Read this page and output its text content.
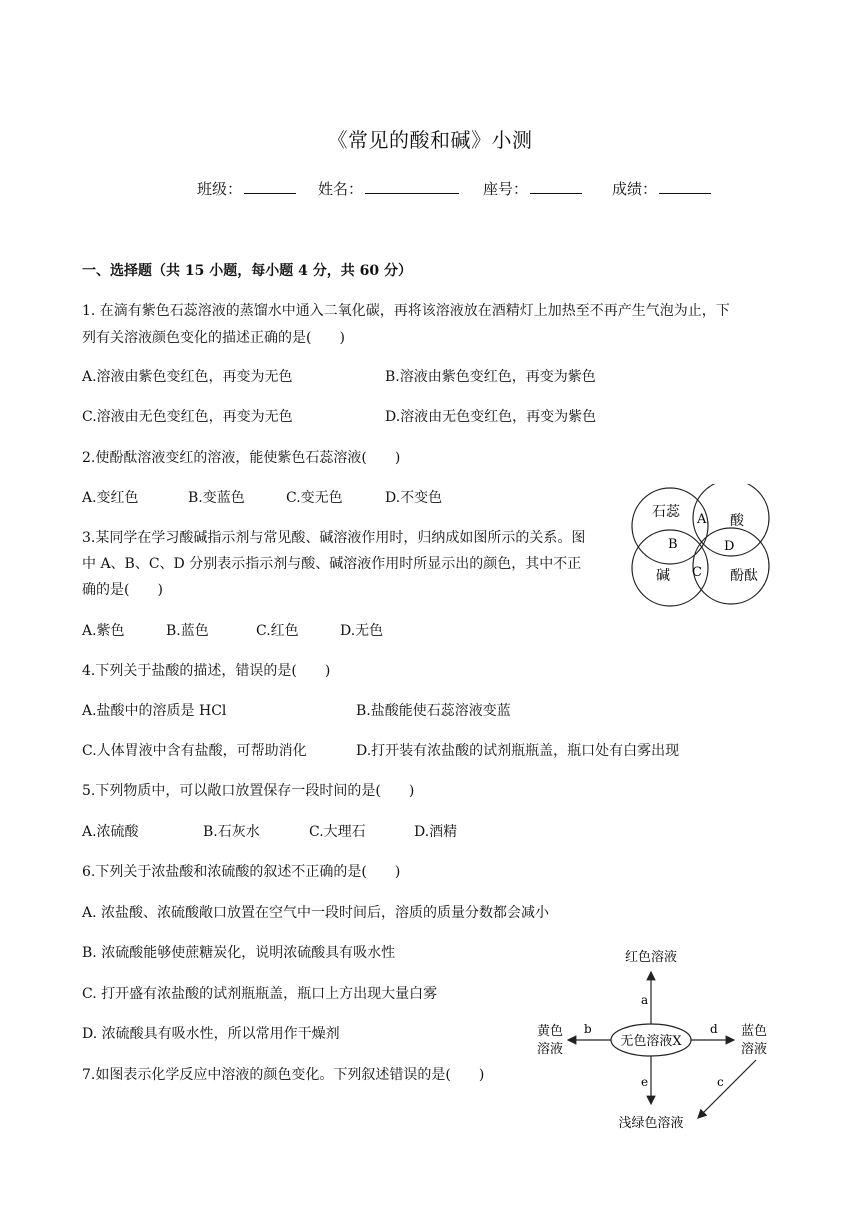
《常见的酸和碱》小测
班级：	姓名：	座号：	成绩：
一、选择题（共 15 小题，每小题 4 分，共 60 分）
1. 在滴有紫色石蕊溶液的蒸馏水中通入二氧化碳，再将该溶液放在酒精灯上加热至不再产生气泡为止，下
列有关溶液颜色变化的描述正确的是(　　)
A.溶液由紫色变红色，再变为无色	B.溶液由紫色变红色，再变为紫色
C.溶液由无色变红色，再变为无色	D.溶液由无色变红色，再变为紫色
2.使酚酞溶液变红的溶液，能使紫色石蕊溶液(　　)
A.变红色	B.变蓝色	C.变无色	D.不变色
3.某同学在学习酸碱指示剂与常见酸、碱溶液作用时，归纳成如图所示的关系。图
中 A、B、C、D 分别表示指示剂与酸、碱溶液作用时所显示出的颜色，其中不正
确的是(　　)
A.紫色	B.蓝色	C.红色	D.无色
石蕊
酸
碱	酚酞
A
B	D
C
4.下列关于盐酸的描述，错误的是(　　)
A.盐酸中的溶质是 HCl	B.盐酸能使石蕊溶液变蓝
C.人体胃液中含有盐酸，可帮助消化	D.打开装有浓盐酸的试剂瓶瓶盖，瓶口处有白雾出现
5.下列物质中，可以敞口放置保存一段时间的是(　　)
A.浓硫酸	B.石灰水	C.大理石	D.酒精
6.下列关于浓盐酸和浓硫酸的叙述不正确的是(　　)
A. 浓盐酸、浓硫酸敞口放置在空气中一段时间后，溶质的质量分数都会减小
B. 浓硫酸能够使蔗糖炭化，说明浓硫酸具有吸水性
C. 打开盛有浓盐酸的试剂瓶瓶盖，瓶口上方出现大量白雾
D. 浓硫酸具有吸水性，所以常用作干燥剂
7.如图表示化学反应中溶液的颜色变化。下列叙述错误的是(　　)
无色溶液X
红色溶液
a
b
黄色
溶液
d 蓝色
溶液
e
浅绿色溶液
c
